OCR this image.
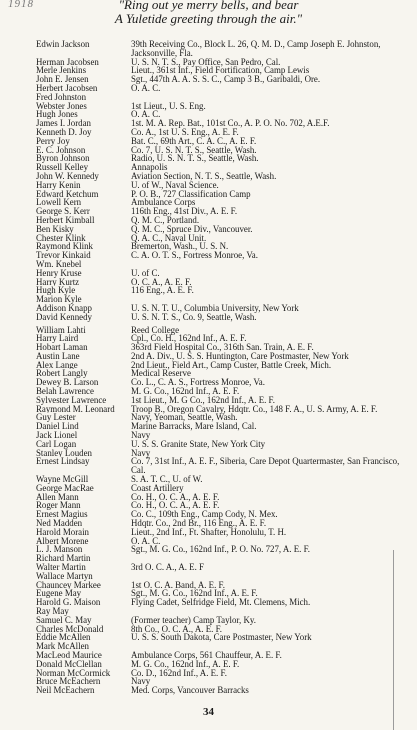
1918	"Ring out ye merry bells, and bear
A Yuletide greeting through the air."
Edwin Jackson	39th Receiving Co., Block L. 26, Q. M. D., Camp Joseph E. Johnston, Jacksonville, Fla.
Herman Jacobsen	U. S. N. T. S., Pay Office, San Pedro, Cal.
Merle Jenkins	Lieut., 361st Inf., Field Fortification, Camp Lewis
John E. Jensen	Sgt., 447th A. A. S. S. C., Camp 3 B., Garibaldi, Ore.
Herbert Jacobsen	O. A. C.
Fred Johnston
Webster Jones	1st Lieut., U. S. Eng.
Hugh Jones	O. A. C.
James I. Jordan	1st. M. A. Rep. Bat., 101st Co., A. P. O. No. 702, A.E.F.
Kenneth D. Joy	Co. A., 1st U. S. Eng., A. E. F.
Perry Joy	Bat. C., 69th Art., C. A. C., A. E. F.
E. C. Johnson	Co. 7, U. S. N. T. S., Seattle, Wash.
Byron Johnson	Radio, U. S. N. T. S., Seattle, Wash.
Russell Kelley	Annapolis
John W. Kennedy	Aviation Section, N. T. S., Seattle, Wash.
Harry Kenin	U. of W., Naval Science.
Edward Ketchum	P. O. B., 727 Classification Camp
Lowell Kern	Ambulance Corps
George S. Kerr	116th Eng., 41st Div., A. E. F.
Herbert Kimball	Q. M. C., Portland.
Ben Kisky	Q. M. C., Spruce Div., Vancouver.
Chester Klink	Q. A. C., Naval Unit.
Raymond Klink	Bremerton, Wash., U. S. N.
Trevor Kinkaid	C. A. O. T. S., Fortress Monroe, Va.
Wm. Knebel
Henry Kruse	U. of C.
Harry Kurtz	O. C. A., A. E. F.
Hugh Kyle	116 Eng., A. E. F.
Marion Kyle
Addison Knapp	U. S. N. T. U., Columbia University, New York
David Kennedy	U. S. N. T. S., Co. 9, Seattle, Wash.
William Lahti	Reed College
Harry Laird	Cpl., Co. H., 162nd Inf., A. E. F.
Hobart Laman	363rd Field Hospital Co., 316th San. Train, A. E. F.
Austin Lane	2nd A. Div., U. S. S. Huntington, Care Postmaster, New York
Alex Lange	2nd Lieut., Field Art., Camp Custer, Battle Creek, Mich.
Robert Langly	Medical Reserve
Dewey B. Larson	Co. L., C. A. S., Fortress Monroe, Va.
Belah Lawrence	M. G. Co., 162nd Inf., A. E. F.
Sylvester Lawrence	1st Lieut., M. G Co., 162nd Inf., A. E. F.
Raymond M. Leonard	Troop B., Oregon Cavalry, Hdqtr. Co., 148 F. A., U. S. Army, A. E. F.
Guy Lester	Navy, Yeoman, Seattle, Wash.
Daniel Lind	Marine Barracks, Mare Island, Cal.
Jack Lionel	Navy
Carl Logan	U. S. S. Granite State, New York City
Stanley Louden	Navy
Ernest Lindsay	Co. 7, 31st Inf., A. E. F., Siberia, Care Depot Quartermaster, San Francisco, Cal.
Wayne McGill	S. A. T. C., U. of W.
George MacRae	Coast Artillery
Allen Mann	Co. H., O. C. A., A. E. F.
Roger Mann	Co. H., O. C. A., A. E. F.
Ernest Magius	Co. C., 109th Eng., Camp Cody, N. Mex.
Ned Madden	Hdqtr. Co., 2nd Br., 116 Eng., A. E. F.
Harold Morain	Lieut., 2nd Inf., Ft. Shafter, Honolulu, T. H.
Albert Morene	O. A. C.
L. J. Manson	Sgt., M. G. Co., 162nd Inf., P. O. No. 727, A. E. F.
Richard Martin
Walter Martin	3rd O. C. A., A. E. F
Wallace Martyn
Chauncey Markee	1st O. C. A. Band, A. E. F.
Eugene May	Sgt., M. G. Co., 162nd Inf., A. E. F.
Harold G. Maison	Flying Cadet, Selfridge Field, Mt. Clemens, Mich.
Ray May
Samuel C. May	(Former teacher) Camp Taylor, Ky.
Charles McDonald	8th Co., O. C. A., A. E. F.
Eddie McAllen	U. S. S. South Dakota, Care Postmaster, New York
Mark McAllen
MacLeod Maurice	Ambulance Corps, 561 Chauffeur, A. E. F.
Donald McClellan	M. G. Co., 162nd Inf., A. E. F.
Norman McCormick	Co. D., 162nd Inf., A. E. F.
Bruce McEachern	Navy
Neil McEachern	Med. Corps, Vancouver Barracks
34
